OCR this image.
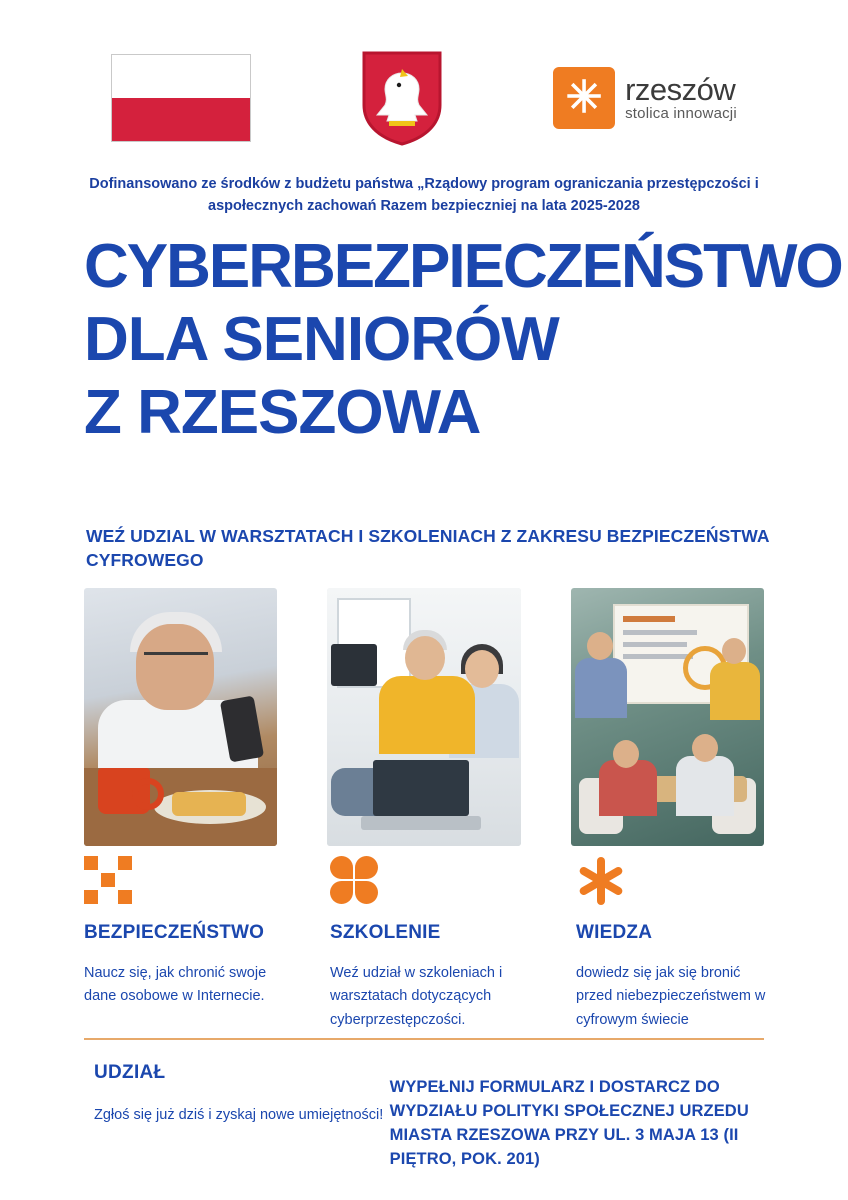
✳ rzeszów
stolica innowacji
Dofinansowano ze środków z budżetu państwa „Rządowy program ograniczania przestępczości i aspołecznych zachowań Razem bezpieczniej na lata 2025-2028
CYBERBEZPIECZEŃSTWO
DLA SENIORÓW
Z RZESZOWA
WEŹ UDZIAL W WARSZTATACH I SZKOLENIACH Z ZAKRESU BEZPIECZEŃSTWA CYFROWEGO
BEZPIECZEŃSTWO
Naucz się, jak chronić swoje dane osobowe w Internecie.
SZKOLENIE
Weź udział w szkoleniach i warsztatach dotyczących cyberprzestępczości.
WIEDZA
dowiedz się jak się bronić przed niebezpieczeństwem w cyfrowym świecie
UDZIAŁ
Zgłoś się już dziś i zyskaj nowe umiejętności!
WYPEŁNIJ FORMULARZ I DOSTARCZ DO WYDZIAŁU POLITYKI SPOŁECZNEJ URZEDU MIASTA RZESZOWA PRZY UL. 3 MAJA 13 (II PIĘTRO, POK. 201)
